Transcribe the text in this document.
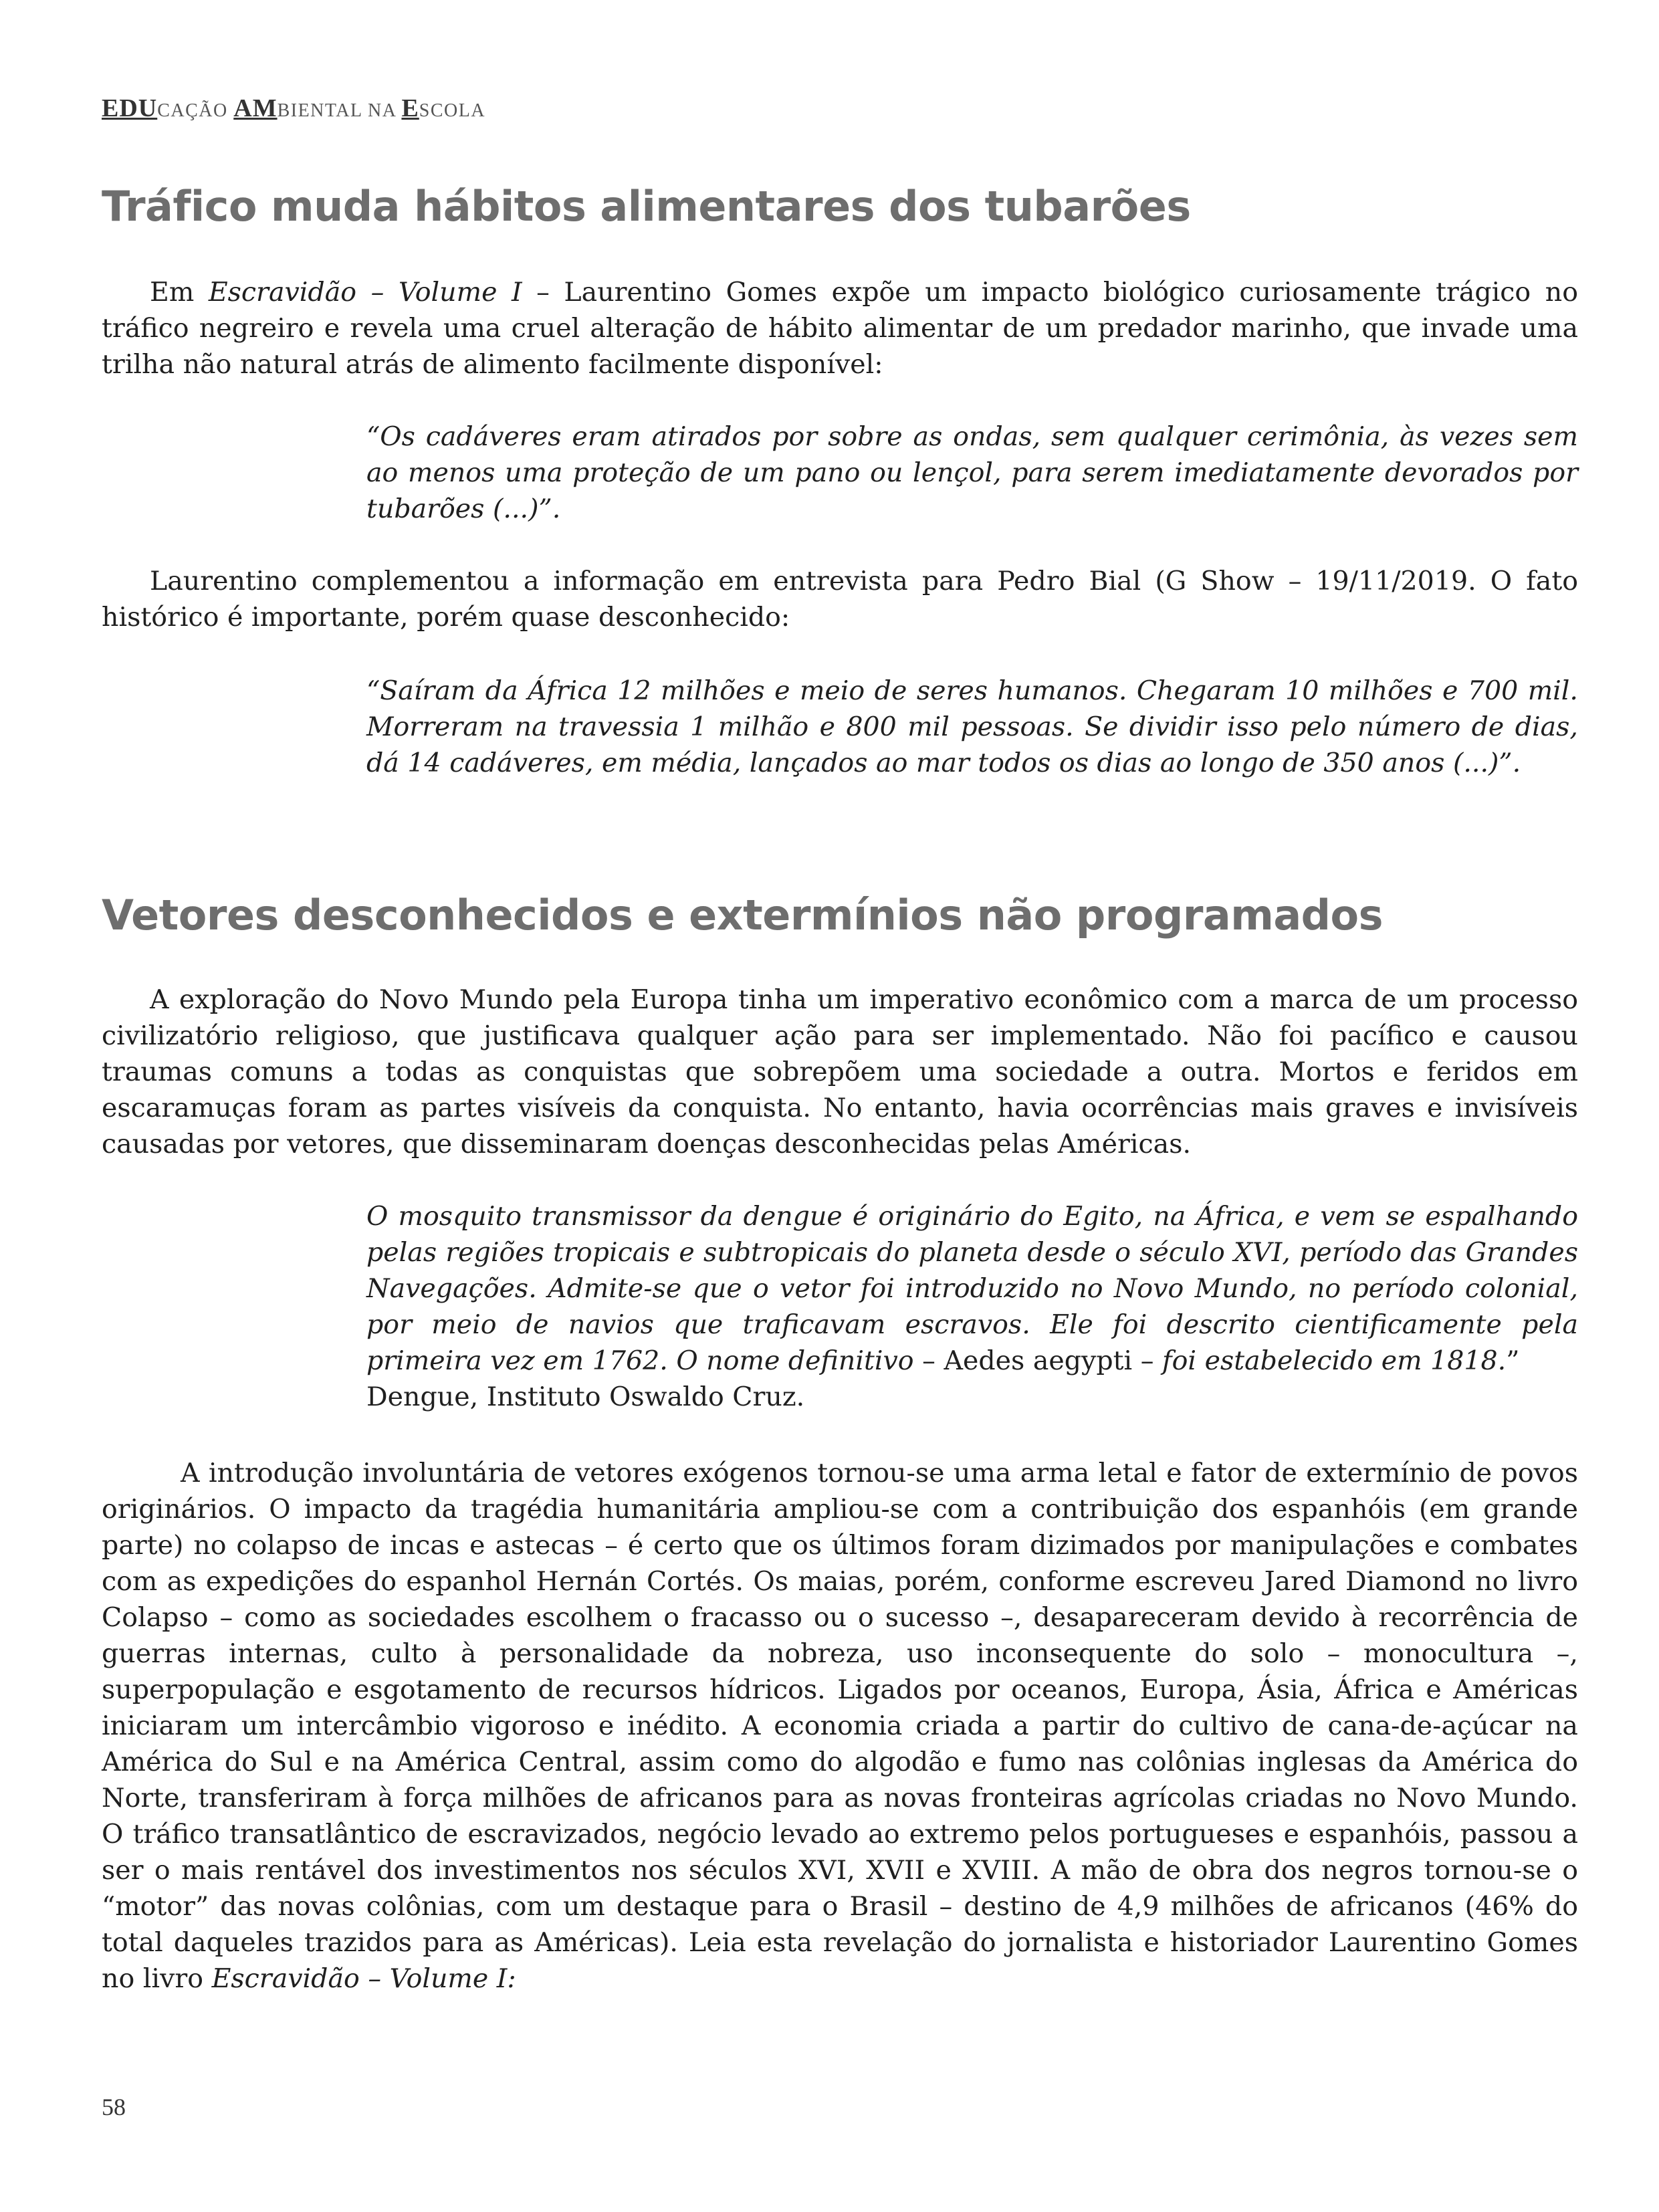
EDUCAÇÃO AMBIENTAL NA ESCOLA
Tráfico muda hábitos alimentares dos tubarões

Em Escravidão – Volume I – Laurentino Gomes expõe um impacto biológico curiosamente trágico no tráfico negreiro e revela uma cruel alteração de hábito alimentar de um predador marinho, que invade uma trilha não natural atrás de alimento facilmente disponível:

“Os cadáveres eram atirados por sobre as ondas, sem qualquer cerimônia, às vezes sem ao menos uma proteção de um pano ou lençol, para serem imediatamente devorados por tubarões (...)”.

Laurentino complementou a informação em entrevista para Pedro Bial (G Show – 19/11/2019. O fato histórico é importante, porém quase desconhecido:

“Saíram da África 12 milhões e meio de seres humanos. Chegaram 10 milhões e 700 mil. Morreram na travessia 1 milhão e 800 mil pessoas. Se dividir isso pelo número de dias, dá 14 cadáveres, em média, lançados ao mar todos os dias ao longo de 350 anos (...)”.

Vetores desconhecidos e extermínios não programados

A exploração do Novo Mundo pela Europa tinha um imperativo econômico com a marca de um processo civilizatório religioso, que justificava qualquer ação para ser implementado. Não foi pacífico e causou traumas comuns a todas as conquistas que sobrepõem uma sociedade a outra. Mortos e feridos em escaramuças foram as partes visíveis da conquista. No entanto, havia ocorrências mais graves e invisíveis causadas por vetores, que disseminaram doenças desconhecidas pelas Américas.

O mosquito transmissor da dengue é originário do Egito, na África, e vem se espalhando pelas regiões tropicais e subtropicais do planeta desde o século XVI, período das Grandes Navegações. Admite-se que o vetor foi introduzido no Novo Mundo, no período colonial, por meio de navios que traficavam escravos. Ele foi descrito cientificamente pela primeira vez em 1762. O nome definitivo – Aedes aegypti – foi estabelecido em 1818.”
Dengue, Instituto Oswaldo Cruz.

A introdução involuntária de vetores exógenos tornou-se uma arma letal e fator de extermínio de povos originários. O impacto da tragédia humanitária ampliou-se com a contribuição dos espanhóis (em grande parte) no colapso de incas e astecas – é certo que os últimos foram dizimados por manipulações e combates com as expedições do espanhol Hernán Cortés. Os maias, porém, conforme escreveu Jared Diamond no livro Colapso – como as sociedades escolhem o fracasso ou o sucesso –, desapareceram devido à recorrência de guerras internas, culto à personalidade da nobreza, uso inconsequente do solo – monocultura –, superpopulação e esgotamento de recursos hídricos. Ligados por oceanos, Europa, Ásia, África e Américas iniciaram um intercâmbio vigoroso e inédito. A economia criada a partir do cultivo de cana-de-açúcar na América do Sul e na América Central, assim como do algodão e fumo nas colônias inglesas da América do Norte, transferiram à força milhões de africanos para as novas fronteiras agrícolas criadas no Novo Mundo. O tráfico transatlântico de escravizados, negócio levado ao extremo pelos portugueses e espanhóis, passou a ser o mais rentável dos investimentos nos séculos XVI, XVII e XVIII. A mão de obra dos negros tornou-se o “motor” das novas colônias, com um destaque para o Brasil – destino de 4,9 milhões de africanos (46% do total daqueles trazidos para as Américas). Leia esta revelação do jornalista e historiador Laurentino Gomes no livro Escravidão – Volume I:

58
